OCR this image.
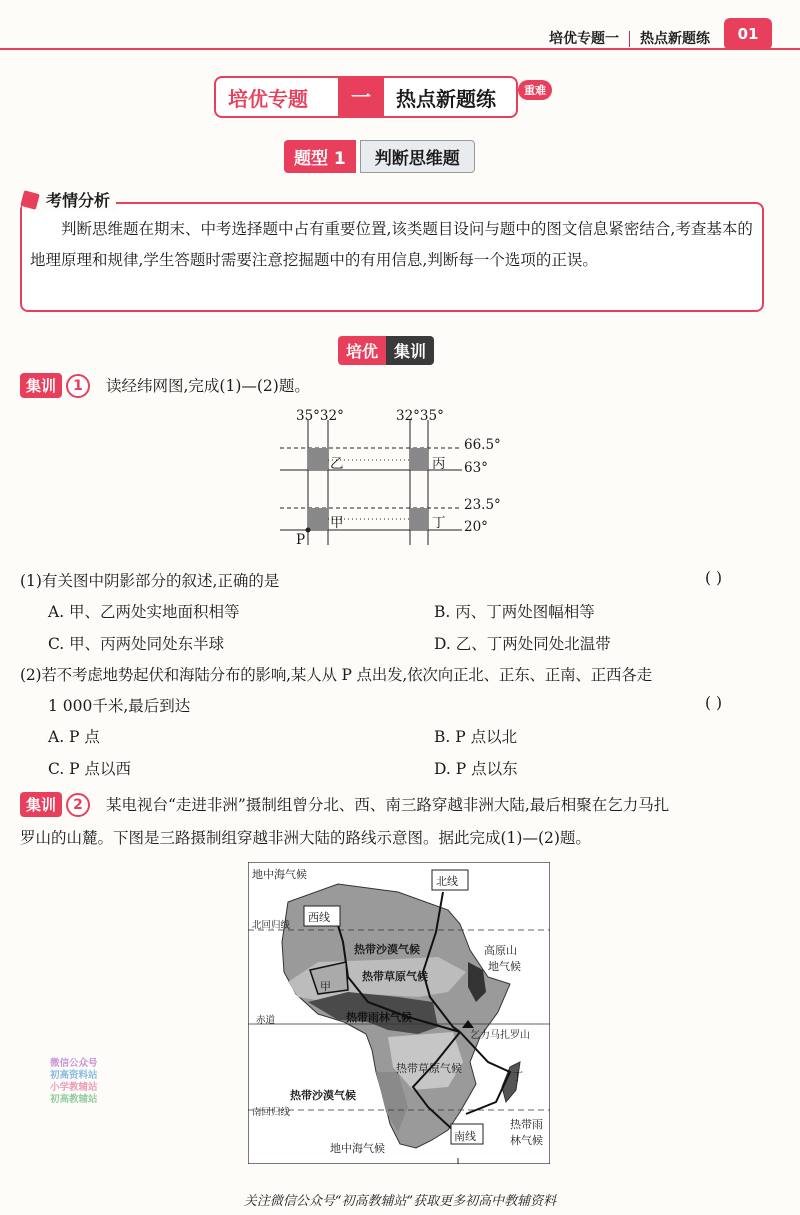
培优专题一 热点新题练	01
培优专题	一	热点新题练	重难
题型 1	判断思维题
考情分析
判断思维题在期末、中考选择题中占有重要位置,该类题目设问与题中的图文信息紧密结合,考查基本的地理原理和规律,学生答题时需要注意挖掘题中的有用信息,判断每一个选项的正误。
培优	集训
集训	1	读经纬网图,完成(1)—(2)题。
35°32°	32°35°
66.5°
63°
23.5°
20°
乙	丙
甲	丁
P
(1)有关图中阴影部分的叙述,正确的是	( )
A. 甲、乙两处实地面积相等	B. 丙、丁两处图幅相等
C. 甲、丙两处同处东半球	D. 乙、丁两处同处北温带
(2)若不考虑地势起伏和海陆分布的影响,某人从 P 点出发,依次向正北、正东、正南、正西各走
1 000千米,最后到达	( )
A. P 点	B. P 点以北
C. P 点以西	D. P 点以东
集训	2	某电视台“走进非洲”摄制组曾分北、西、南三路穿越非洲大陆,最后相聚在乞力马扎
罗山的山麓。下图是三路摄制组穿越非洲大陆的路线示意图。据此完成(1)—(2)题。
地中海气候
北线
西线
北回归线
热带沙漠气候	高原山
地气候
热带草原气候
甲
赤道	热带雨林气候
乞力马扎罗山
热带草原气候
热带沙漠气候
丁
南回归线
南线
热带雨
林气候
地中海气候
微信公众号
初高资料站
小学教辅站
初高教辅站
关注微信公众号“初高教辅站”获取更多初高中教辅资料
